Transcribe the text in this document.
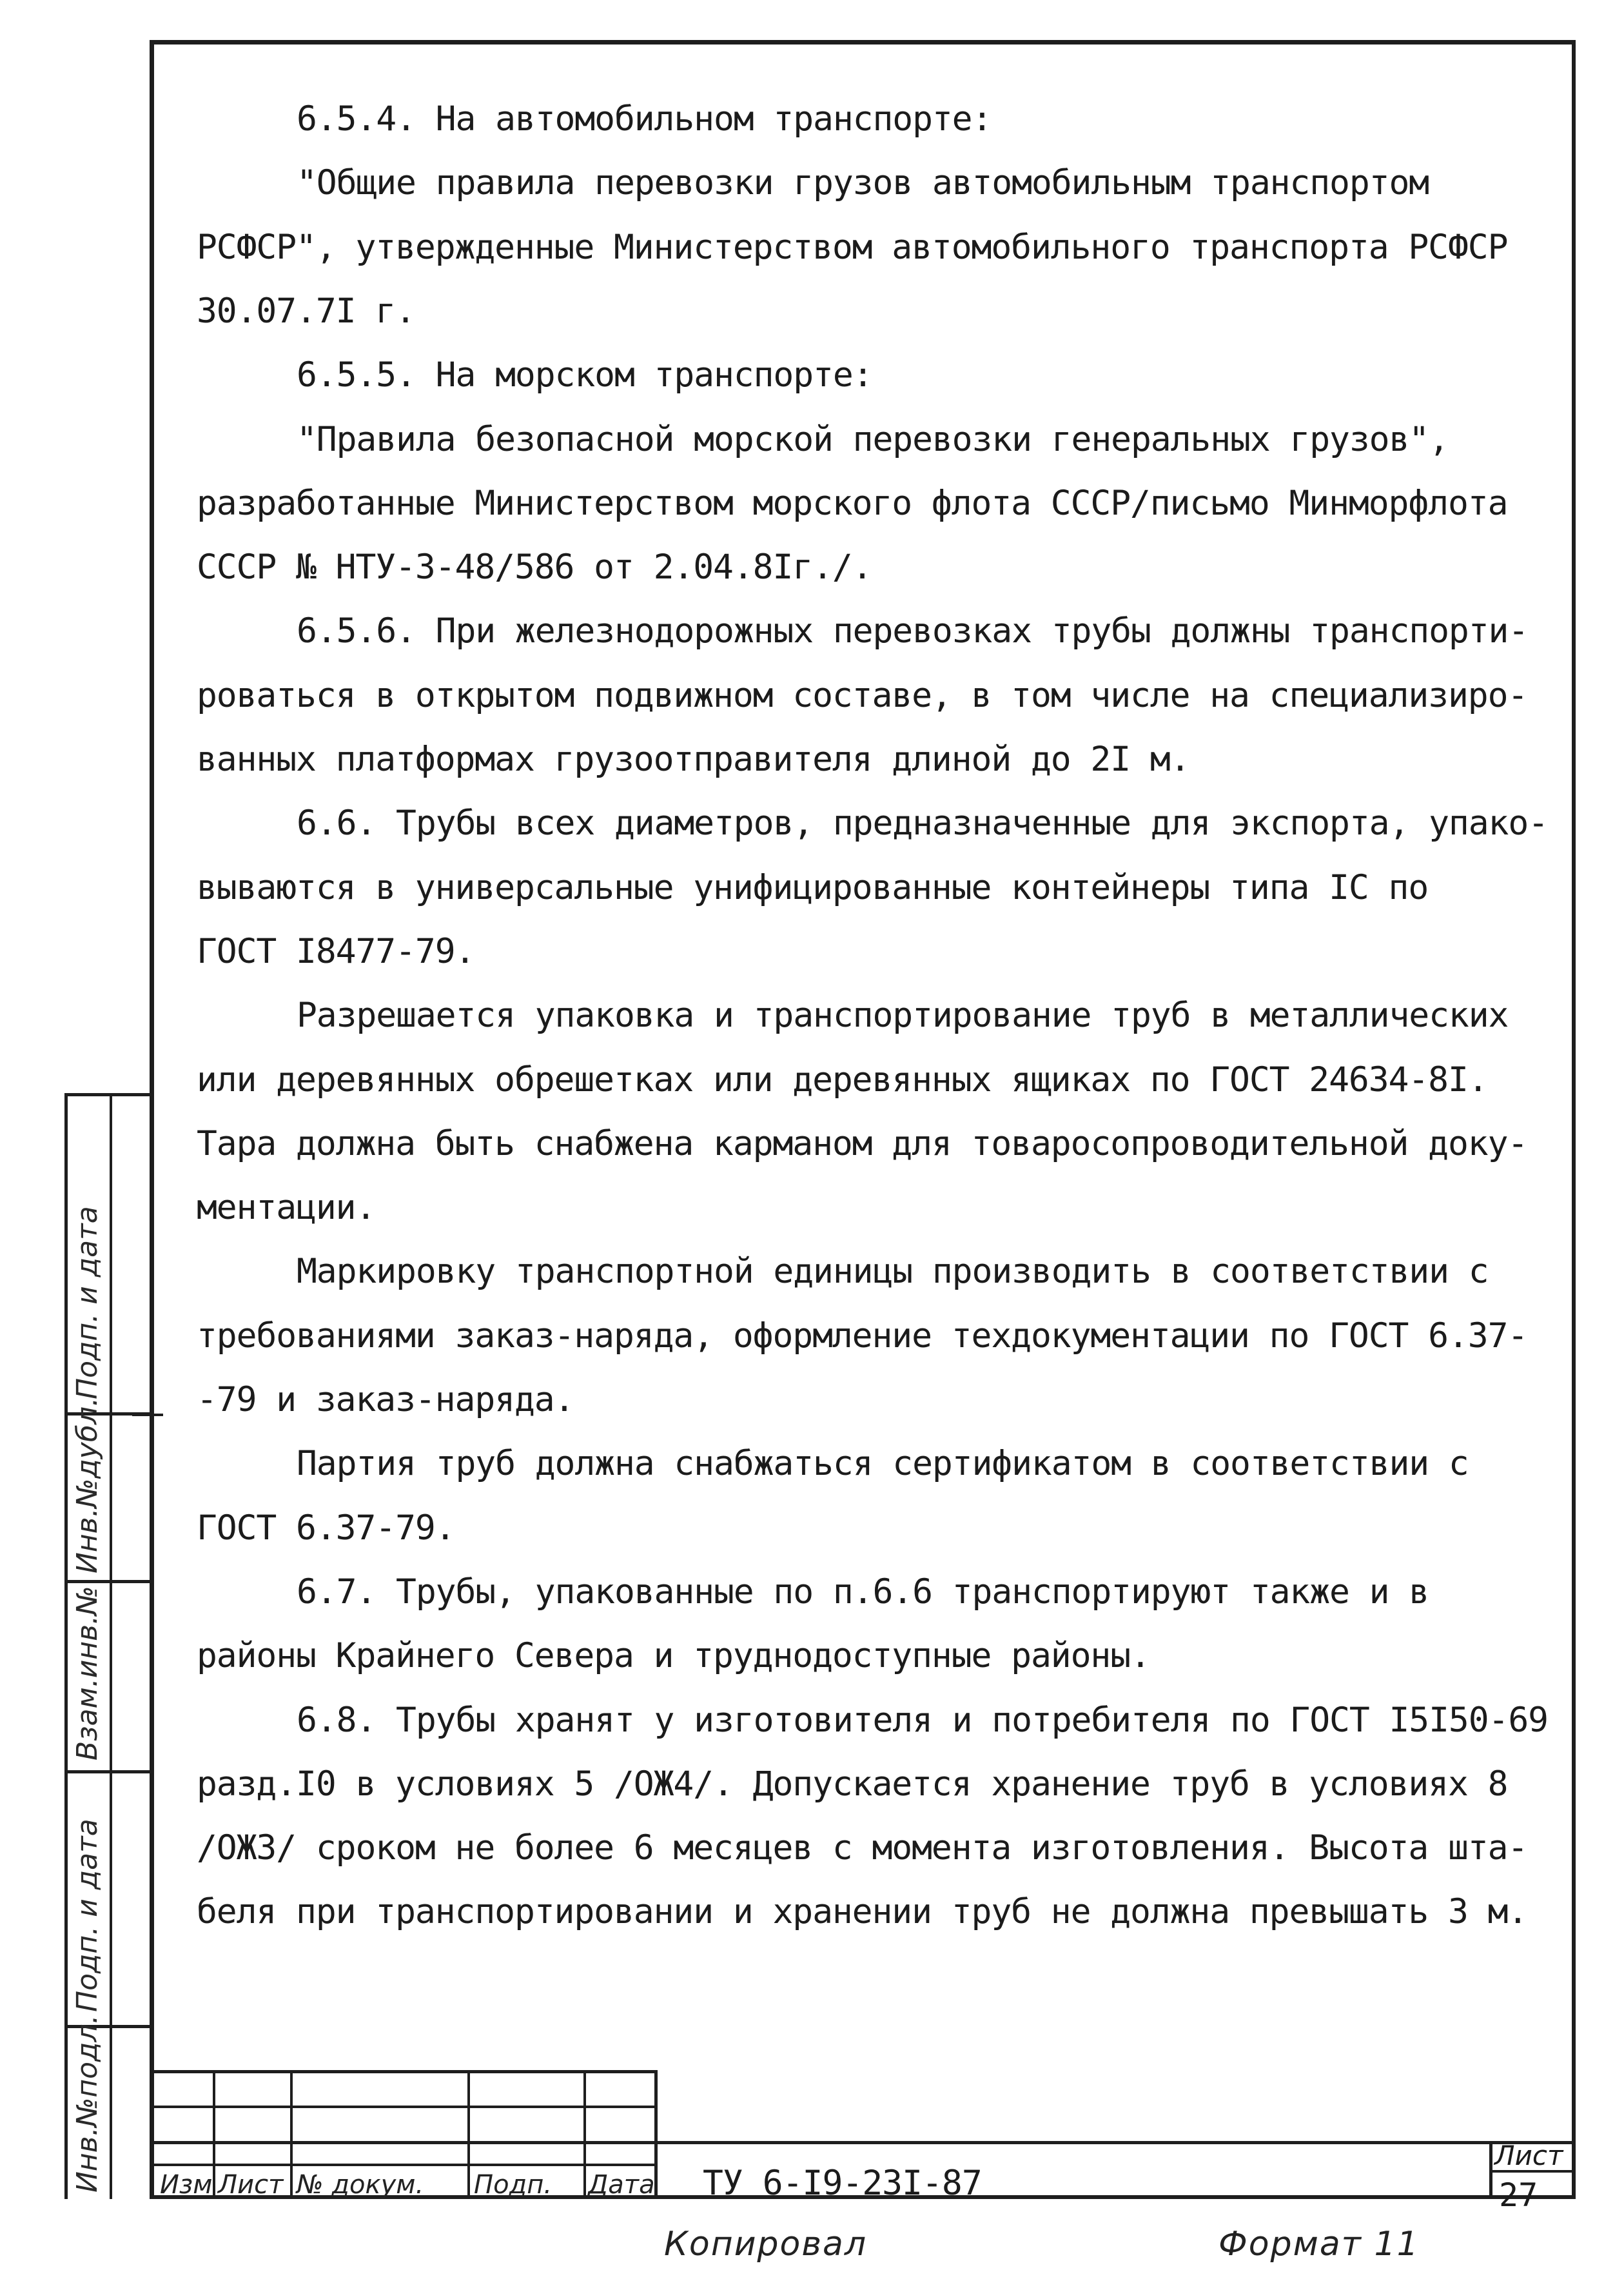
6.5.4. На автомобильном транспорте:
"Общие правила перевозки грузов автомобильным транспортом
РСФСР", утвержденные Министерством автомобильного транспорта РСФСР
30.07.7I г.
6.5.5. На морском транспорте:
"Правила безопасной морской перевозки генеральных грузов",
разработанные Министерством морского флота СССР/письмо Минморфлота
СССР № НТУ-3-48/586 от 2.04.8Iг./.
6.5.6. При железнодорожных перевозках трубы должны транспорти-
роваться в открытом подвижном составе, в том числе на специализиро-
ванных платформах грузоотправителя длиной до 2I м.
6.6. Трубы всех диаметров, предназначенные для экспорта, упако-
вываются в универсальные унифицированные контейнеры типа IС по
ГОСТ I8477-79.
Разрешается упаковка и транспортирование труб в металлических
или деревянных обрешетках или деревянных ящиках по ГОСТ 24634-8I.
Тара должна быть снабжена карманом для товаросопроводительной доку-
ментации.
Маркировку транспортной единицы производить в соответствии с
требованиями заказ-наряда, оформление техдокументации по ГОСТ 6.37-
-79 и заказ-наряда.
Партия труб должна снабжаться сертификатом в соответствии с
ГОСТ 6.37-79.
6.7. Трубы, упакованные по п.6.6 транспортируют также и в
районы Крайнего Севера и труднодоступные районы.
6.8. Трубы хранят у изготовителя и потребителя по ГОСТ I5I50-69
разд.I0 в условиях 5 /ОЖ4/. Допускается хранение труб в условиях 8
/ОЖЗ/ сроком не более 6 месяцев с момента изготовления. Высота шта-
беля при транспортировании и хранении труб не должна превышать 3 м.
Подп. и дата
Инв.№дубл.
Взам.инв.№
Подп. и дата
Инв.№подл. Изм Лист № докум. Подп. Дата ТУ 6-I9-23I-87
Лист
27
Копировал	Формат 11
